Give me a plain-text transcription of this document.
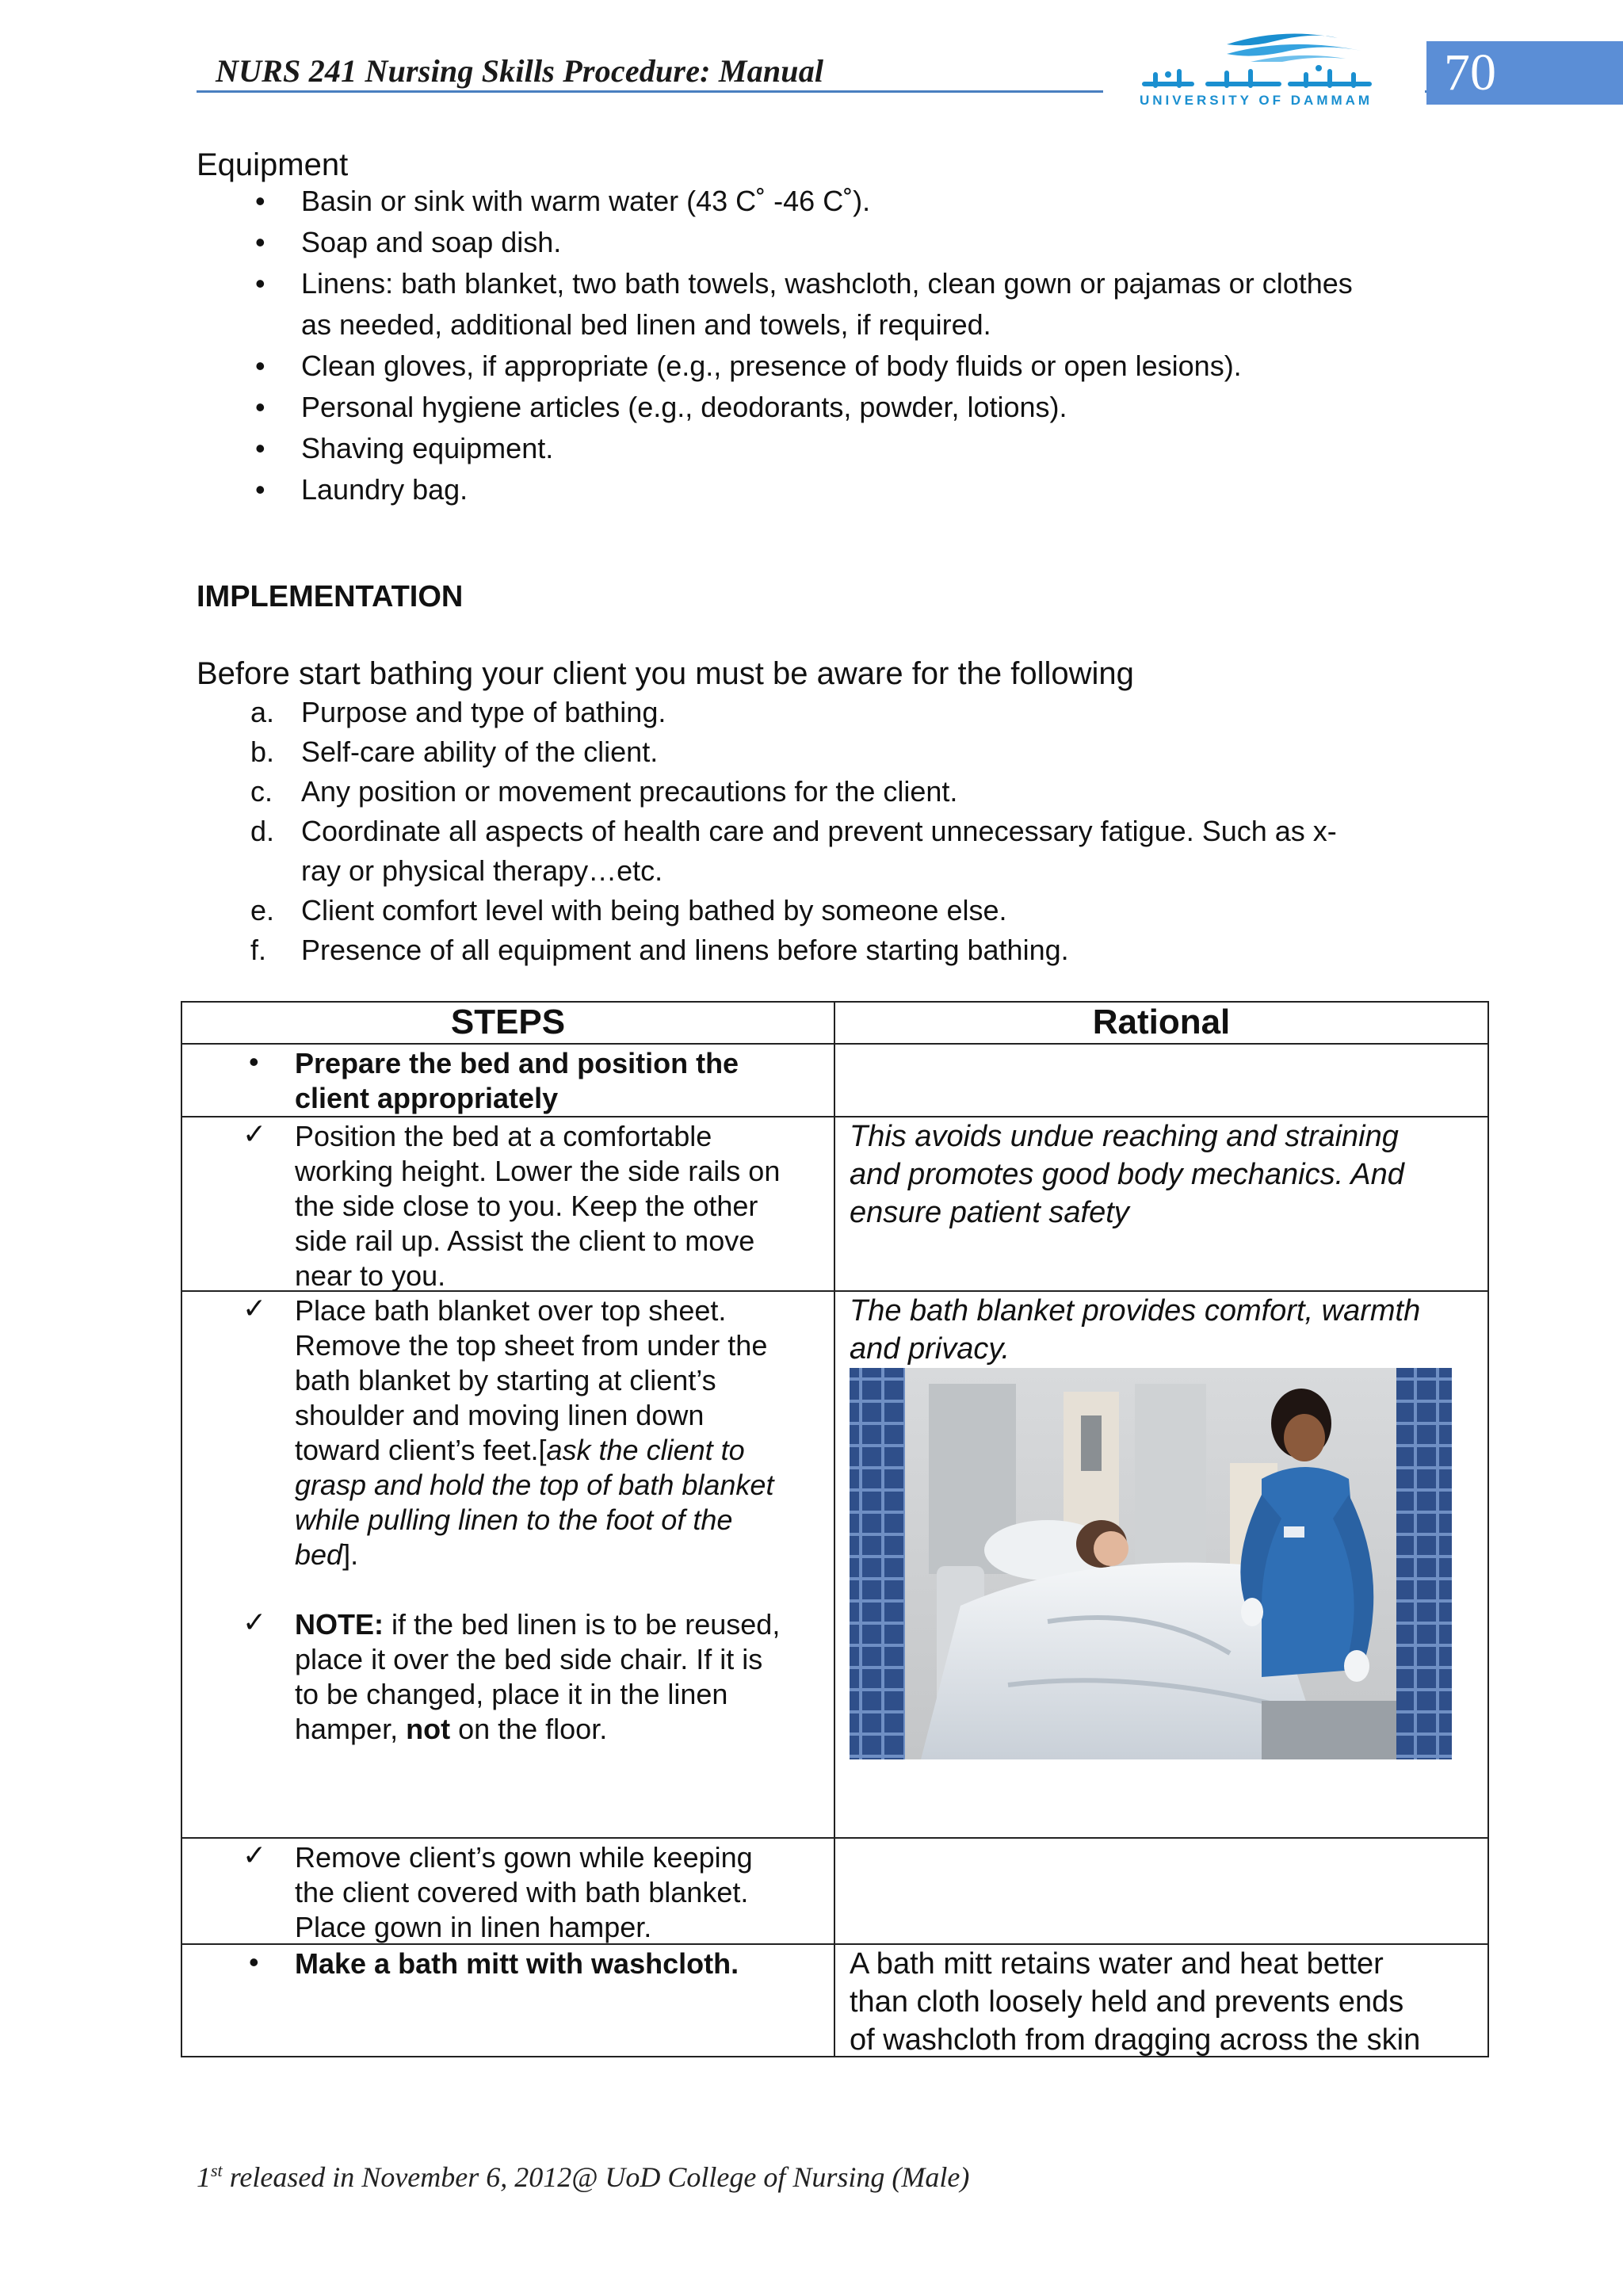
NURS 241 Nursing Skills Procedure: Manual
UNIVERSITY OF DAMMAM 70
Equipment
• Basin or sink with warm water (43 C˚ -46 C˚).
• Soap and soap dish.
• Linens: bath blanket, two bath towels, washcloth, clean gown or pajamas or clothes
as needed, additional bed linen and towels, if required.
• Clean gloves, if appropriate (e.g., presence of body fluids or open lesions).
• Personal hygiene articles (e.g., deodorants, powder, lotions).
• Shaving equipment.
• Laundry bag.
IMPLEMENTATION
Before start bathing your client you must be aware for the following
a. Purpose and type of bathing.
b. Self-care ability of the client.
c. Any position or movement precautions for the client.
d. Coordinate all aspects of health care and prevent unnecessary fatigue. Such as x-
ray or physical therapy…etc.
e. Client comfort level with being bathed by someone else.
f. Presence of all equipment and linens before starting bathing.
STEPS	Rational
• Prepare the bed and position the
client appropriately
✓ Position the bed at a comfortable
working height. Lower the side rails on
the side close to you. Keep the other
side rail up. Assist the client to move
near to you.
This avoids undue reaching and straining
and promotes good body mechanics. And
ensure patient safety
✓ Place bath blanket over top sheet.
Remove the top sheet from under the
bath blanket by starting at client’s
shoulder and moving linen down
toward client’s feet.[ask the client to
grasp and hold the top of bath blanket
while pulling linen to the foot of the
bed].
✓ NOTE: if the bed linen is to be reused,
place it over the bed side chair. If it is
to be changed, place it in the linen
hamper, not on the floor.
The bath blanket provides comfort, warmth
and privacy.
✓ Remove client’s gown while keeping
the client covered with bath blanket.
Place gown in linen hamper.
• Make a bath mitt with washcloth.	A bath mitt retains water and heat better
than cloth loosely held and prevents ends
of washcloth from dragging across the skin
1st released in November 6, 2012@ UoD College of Nursing (Male)
